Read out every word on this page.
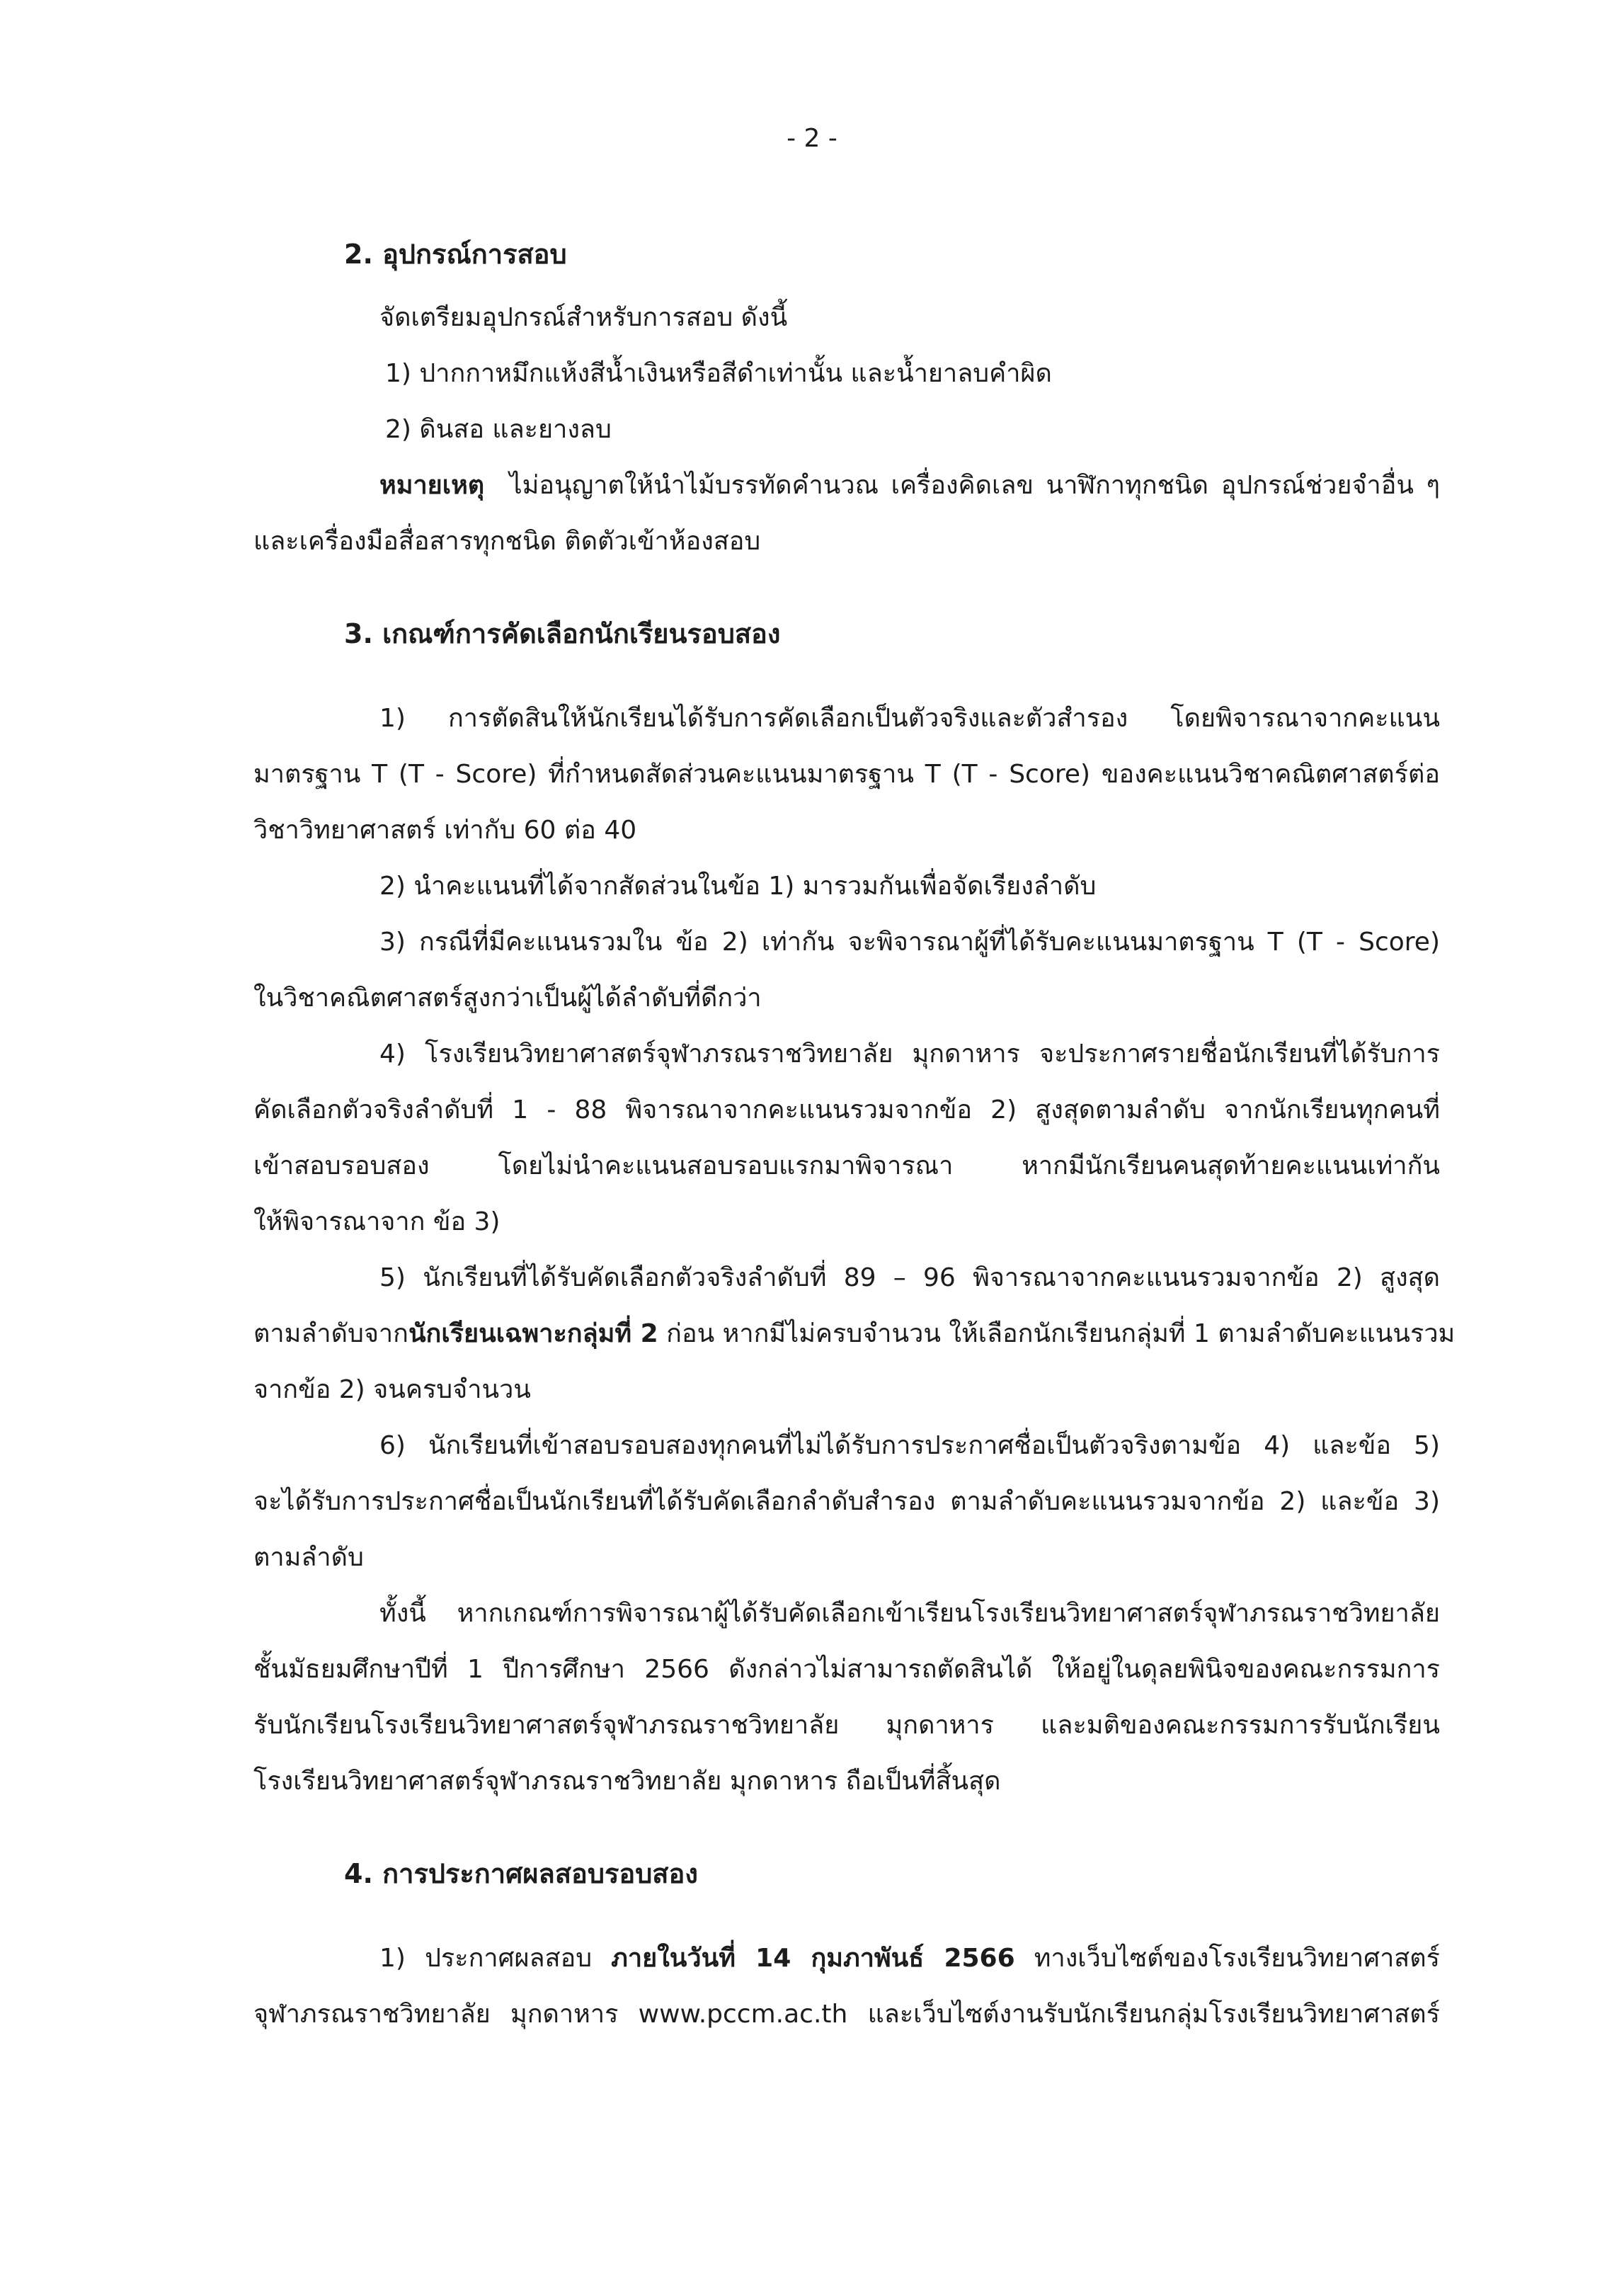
- 2 -
2. อุปกรณ์การสอบ
จัดเตรียมอุปกรณ์สำหรับการสอบ ดังนี้
1) ปากกาหมึกแห้งสีน้ำเงินหรือสีดำเท่านั้น และน้ำยาลบคำผิด
2) ดินสอ และยางลบ
หมายเหตุ ไม่อนุญาตให้นำไม้บรรทัดคำนวณ เครื่องคิดเลข นาฬิกาทุกชนิด อุปกรณ์ช่วยจำอื่น ๆ
และเครื่องมือสื่อสารทุกชนิด ติดตัวเข้าห้องสอบ
3. เกณฑ์การคัดเลือกนักเรียนรอบสอง
1) การตัดสินให้นักเรียนได้รับการคัดเลือกเป็นตัวจริงและตัวสำรอง โดยพิจารณาจากคะแนน
มาตรฐาน T (T - Score) ที่กำหนดสัดส่วนคะแนนมาตรฐาน T (T - Score) ของคะแนนวิชาคณิตศาสตร์ต่อ
วิชาวิทยาศาสตร์ เท่ากับ 60 ต่อ 40
2) นำคะแนนที่ได้จากสัดส่วนในข้อ 1) มารวมกันเพื่อจัดเรียงลำดับ
3) กรณีที่มีคะแนนรวมใน ข้อ 2) เท่ากัน จะพิจารณาผู้ที่ได้รับคะแนนมาตรฐาน T (T - Score)
ในวิชาคณิตศาสตร์สูงกว่าเป็นผู้ได้ลำดับที่ดีกว่า
4) โรงเรียนวิทยาศาสตร์จุฬาภรณราชวิทยาลัย มุกดาหาร จะประกาศรายชื่อนักเรียนที่ได้รับการ
คัดเลือกตัวจริงลำดับที่ 1 - 88 พิจารณาจากคะแนนรวมจากข้อ 2) สูงสุดตามลำดับ จากนักเรียนทุกคนที่
เข้าสอบรอบสอง โดยไม่นำคะแนนสอบรอบแรกมาพิจารณา หากมีนักเรียนคนสุดท้ายคะแนนเท่ากัน
ให้พิจารณาจาก ข้อ 3)
5) นักเรียนที่ได้รับคัดเลือกตัวจริงลำดับที่ 89 – 96 พิจารณาจากคะแนนรวมจากข้อ 2) สูงสุด
ตามลำดับจากนักเรียนเฉพาะกลุ่มที่ 2 ก่อน หากมีไม่ครบจำนวน ให้เลือกนักเรียนกลุ่มที่ 1 ตามลำดับคะแนนรวม
จากข้อ 2) จนครบจำนวน
6) นักเรียนที่เข้าสอบรอบสองทุกคนที่ไม่ได้รับการประกาศชื่อเป็นตัวจริงตามข้อ 4) และข้อ 5)
จะได้รับการประกาศชื่อเป็นนักเรียนที่ได้รับคัดเลือกลำดับสำรอง ตามลำดับคะแนนรวมจากข้อ 2) และข้อ 3)
ตามลำดับ
ทั้งนี้ หากเกณฑ์การพิจารณาผู้ได้รับคัดเลือกเข้าเรียนโรงเรียนวิทยาศาสตร์จุฬาภรณราชวิทยาลัย
ชั้นมัธยมศึกษาปีที่ 1 ปีการศึกษา 2566 ดังกล่าวไม่สามารถตัดสินได้ ให้อยู่ในดุลยพินิจของคณะกรรมการ
รับนักเรียนโรงเรียนวิทยาศาสตร์จุฬาภรณราชวิทยาลัย มุกดาหาร และมติของคณะกรรมการรับนักเรียน
โรงเรียนวิทยาศาสตร์จุฬาภรณราชวิทยาลัย มุกดาหาร ถือเป็นที่สิ้นสุด
4. การประกาศผลสอบรอบสอง
1) ประกาศผลสอบ ภายในวันที่ 14 กุมภาพันธ์ 2566 ทางเว็บไซต์ของโรงเรียนวิทยาศาสตร์
จุฬาภรณราชวิทยาลัย มุกดาหาร www.pccm.ac.th และเว็บไซต์งานรับนักเรียนกลุ่มโรงเรียนวิทยาศาสตร์
